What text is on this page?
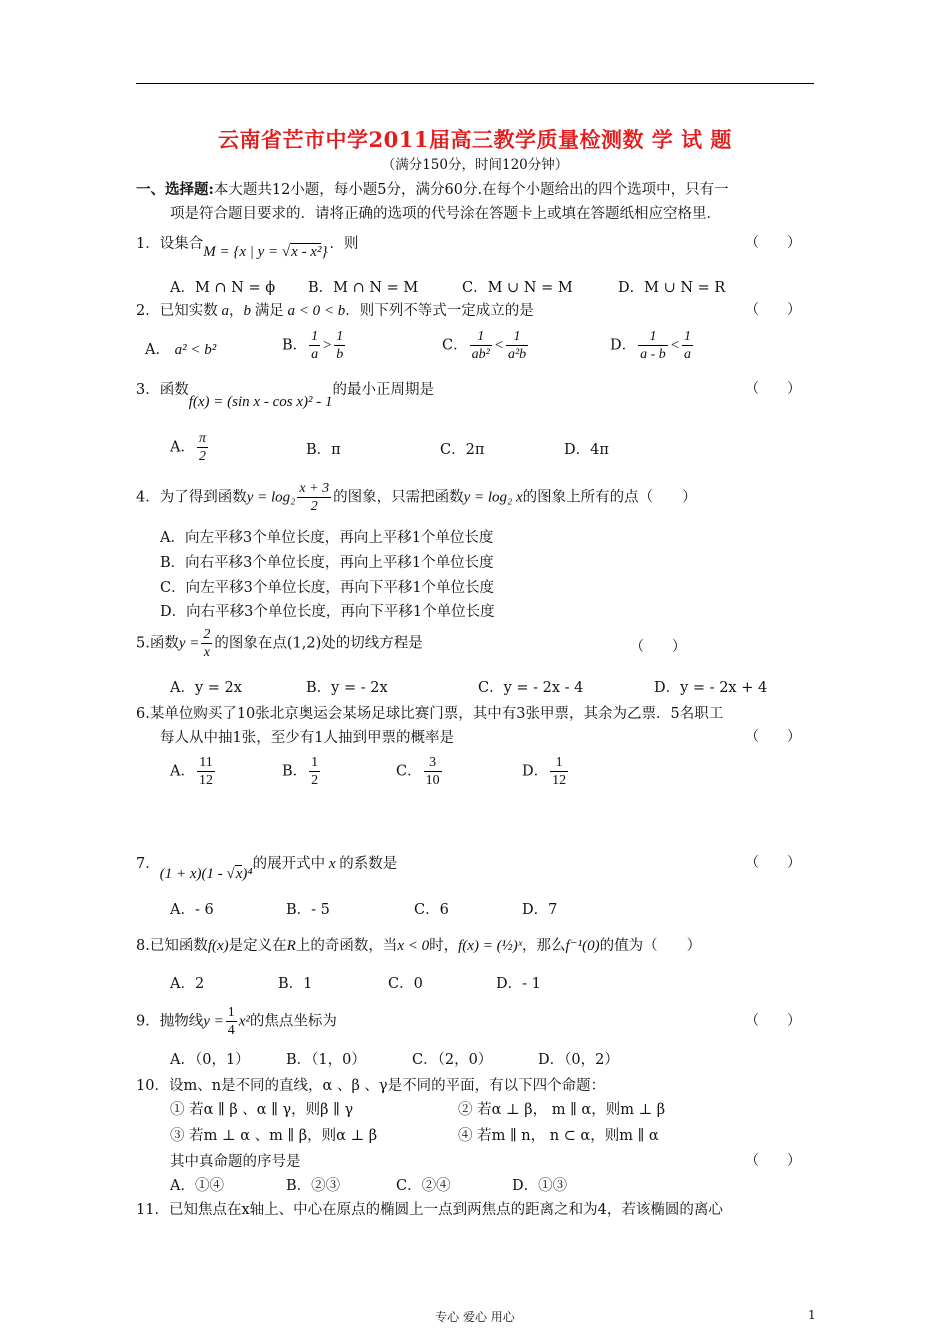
云南省芒市中学2011届高三教学质量检测数 学 试 题
（满分150分，时间120分钟）
一、选择题:本大题共12小题，每小题5分，满分60分.在每个小题给出的四个选项中，只有一
项是符合题目要求的．请将正确的选项的代号涂在答题卡上或填在答题纸相应空格里．
1．设集合M = {x | y = √x - x²} ．则	（　　）
A．M ∩ N = ϕ B．M ∩ N = M	C．M ∪ N = M	D．M ∪ N = R
2．已知实数 a，b 满足 a < 0 < b．则下列不等式一定成立的是	（　　）
A． a² < b²	B． $\frac{1}{a} > \frac{1}{b}$	C． $\frac{1}{\text{ab²}} < \frac{1}{\text{a²b}}$	D． $\frac{1}{a - b} < \frac{1}{a}$
3．函数f(x) = (sin x - cos x)² - 1的最小正周期是	（　　）
A． $\frac{\pi}{2}$	B．π	C．2π	D．4π
4．为了得到函数$y = \log_2 \frac{x + 3}{2}$ 的图象，只需把函数y = log₂ x的图象上所有的点（　　）
A．向左平移3个单位长度，再向上平移1个单位长度
B．向右平移3个单位长度，再向上平移1个单位长度
C．向左平移3个单位长度，再向下平移1个单位长度
D．向右平移3个单位长度，再向下平移1个单位长度
5.函数$y = \frac{2}{x}$ 的图象在点(1,2)处的切线方程是	（　　）
A．y = 2x	B．y = - 2x	C．y = - 2x - 4	D．y = - 2x + 4
6.某单位购买了10张北京奥运会某场足球比赛门票，其中有3张甲票，其余为乙票．5名职工
每人从中抽1张，至少有1人抽到甲票的概率是	（　　）
A． $\frac{11}{12}$	B． $\frac{1}{2}$	C． $\frac{3}{10}$	D． $\frac{1}{12}$
7．(1 + x)(1 - √x)⁴的展开式中 x 的系数是	（　　）
A．- 6	B．- 5	C．6	D．7
8.已知函数f(x)是定义在R上的奇函数，当x < 0时，f(x) = (½)ˣ，那么f⁻¹(0)的值为（　　）
A．2	B．1	C．0	D．- 1
9．抛物线$y = \frac{1}{4} x^2$的焦点坐标为	（　　）
A．（0，1）	B．（1，0）	C．（2，0）	D．（0，2）
10．设m、n是不同的直线，α 、β 、γ是不同的平面，有以下四个命题：
① 若α ∥ β 、α ∥ γ，则β ∥ γ	② 若α ⊥ β， m ∥ α，则m ⊥ β
③ 若m ⊥ α 、m ∥ β，则α ⊥ β	④ 若m ∥ n， n ⊂ α，则m ∥ α
其中真命题的序号是	（　　）
A．①④	B．②③	C．②④	D．①③
11．已知焦点在x轴上、中心在原点的椭圆上一点到两焦点的距离之和为4，若该椭圆的离心
专心 爱心 用心	1
